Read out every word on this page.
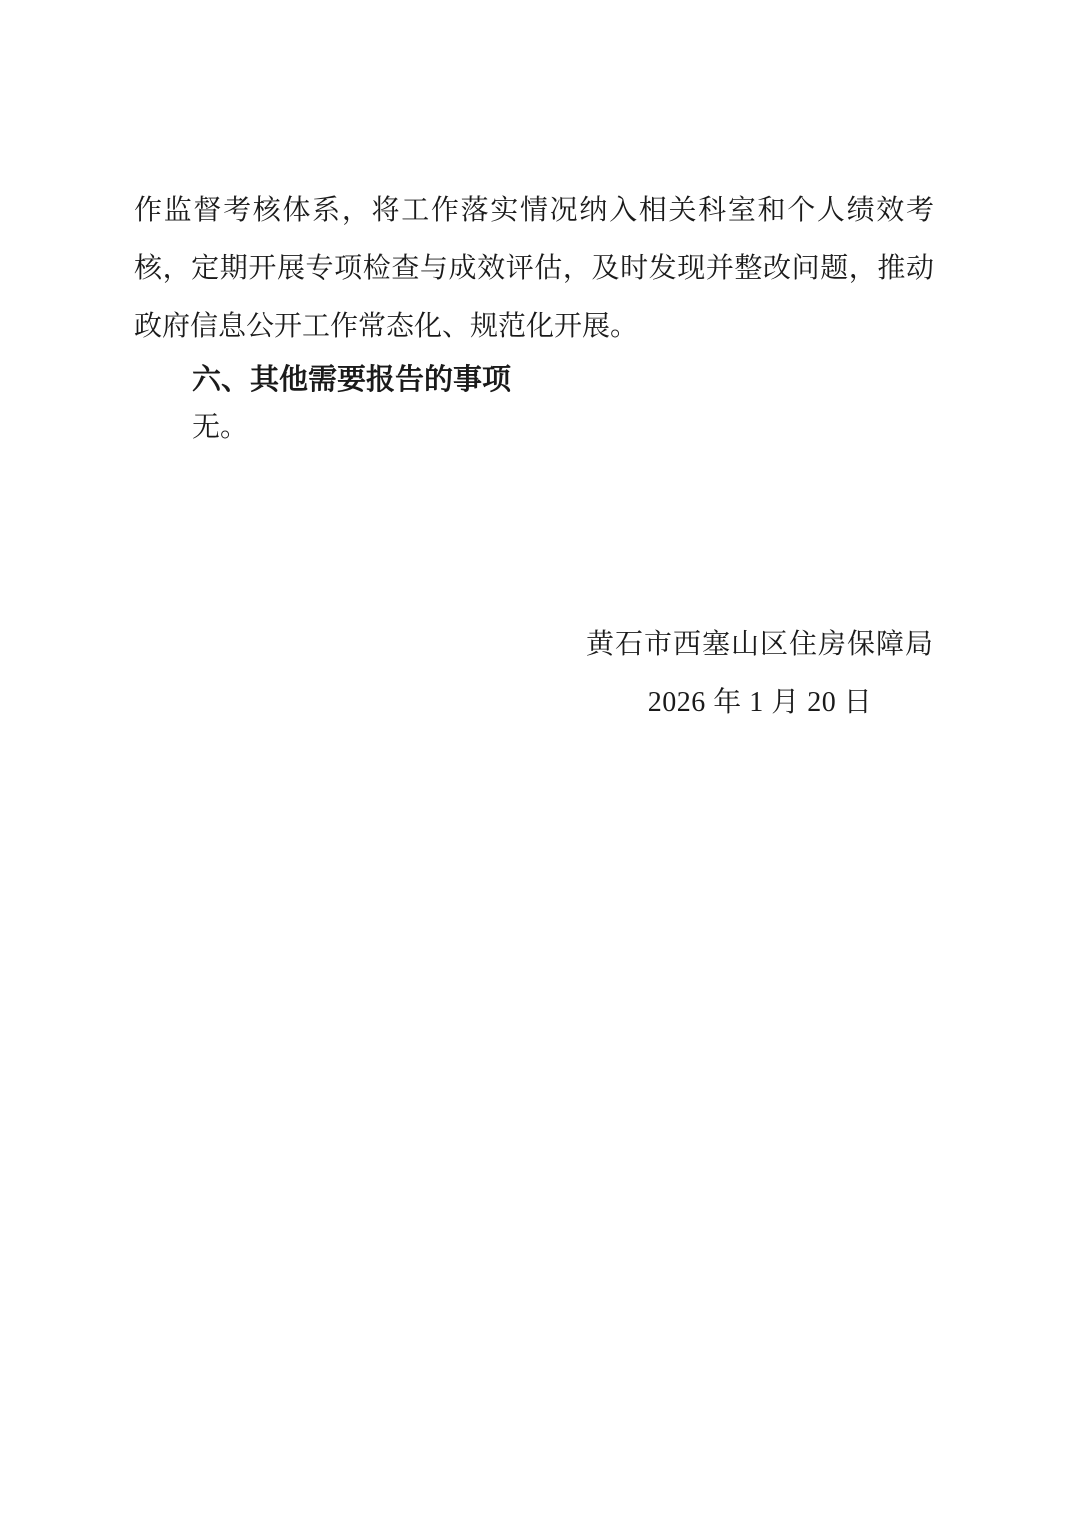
作监督考核体系，将工作落实情况纳入相关科室和个人绩效考

核，定期开展专项检查与成效评估，及时发现并整改问题，推动

政府信息公开工作常态化、规范化开展。

六、其他需要报告的事项

无。

黄石市西塞山区住房保障局
2026 年 1 月 20 日
